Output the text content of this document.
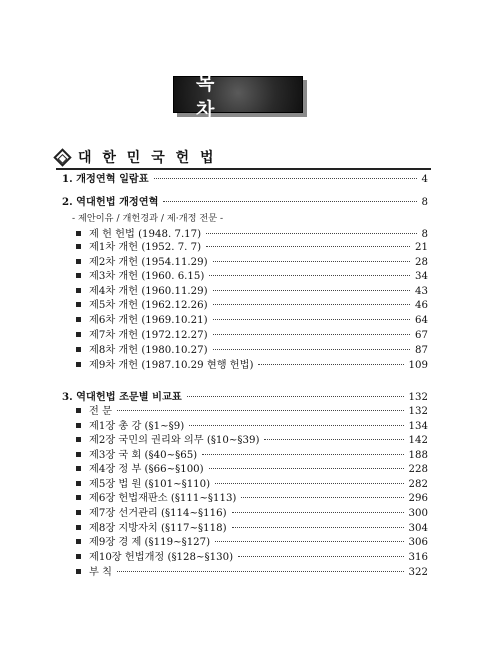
목 차
대 한 민 국 헌 법
1. 개정연혁 일람표	4
2. 역대헌법 개정연혁	8
- 제안이유 / 개헌경과 / 제·개정 전문 -
제 헌 헌법 (1948. 7.17)	8
제1차 개헌 (1952. 7. 7)	21
제2차 개헌 (1954.11.29)	28
제3차 개헌 (1960. 6.15)	34
제4차 개헌 (1960.11.29)	43
제5차 개헌 (1962.12.26)	46
제6차 개헌 (1969.10.21)	64
제7차 개헌 (1972.12.27)	67
제8차 개헌 (1980.10.27)	87
제9차 개헌 (1987.10.29 현행 헌법)	109
3. 역대헌법 조문별 비교표	132
전 문	132
제1장 총 강 (§1~§9)	134
제2장 국민의 권리와 의무 (§10~§39)	142
제3장 국 회 (§40~§65)	188
제4장 정 부 (§66~§100)	228
제5장 법 원 (§101~§110)	282
제6장 헌법재판소 (§111~§113)	296
제7장 선거관리 (§114~§116)	300
제8장 지방자치 (§117~§118)	304
제9장 경 제 (§119~§127)	306
제10장 헌법개정 (§128~§130)	316
부 칙	322
